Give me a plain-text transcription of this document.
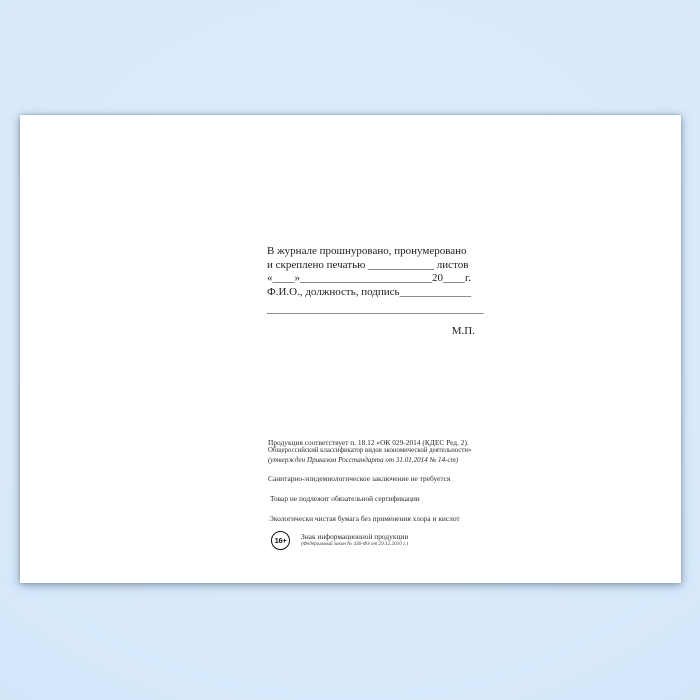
В журнале прошнуровано, пронумеровано
и скреплено печатью ____________ листов
«____»________________________20____г.
Ф.И.О., должность, подпись_____________
______________________________________
М.П.
Продукция соответствует п. 18.12 «ОК 029-2014 (КДЕС Ред. 2).
Общероссийский классификатор видов экономической деятельности»
(утвержден Приказом Росстандарта от 31.01.2014 № 14-ст)
Санитарно-эпидемиологическое заключение не требуется
Товар не подлежит обязательной сертификации
Экологически чистая бумага без применения хлора и кислот
16+	Знак информационной продукции
(Федеральный закон № 436-ФЗ от 29.12.2010 г.)
